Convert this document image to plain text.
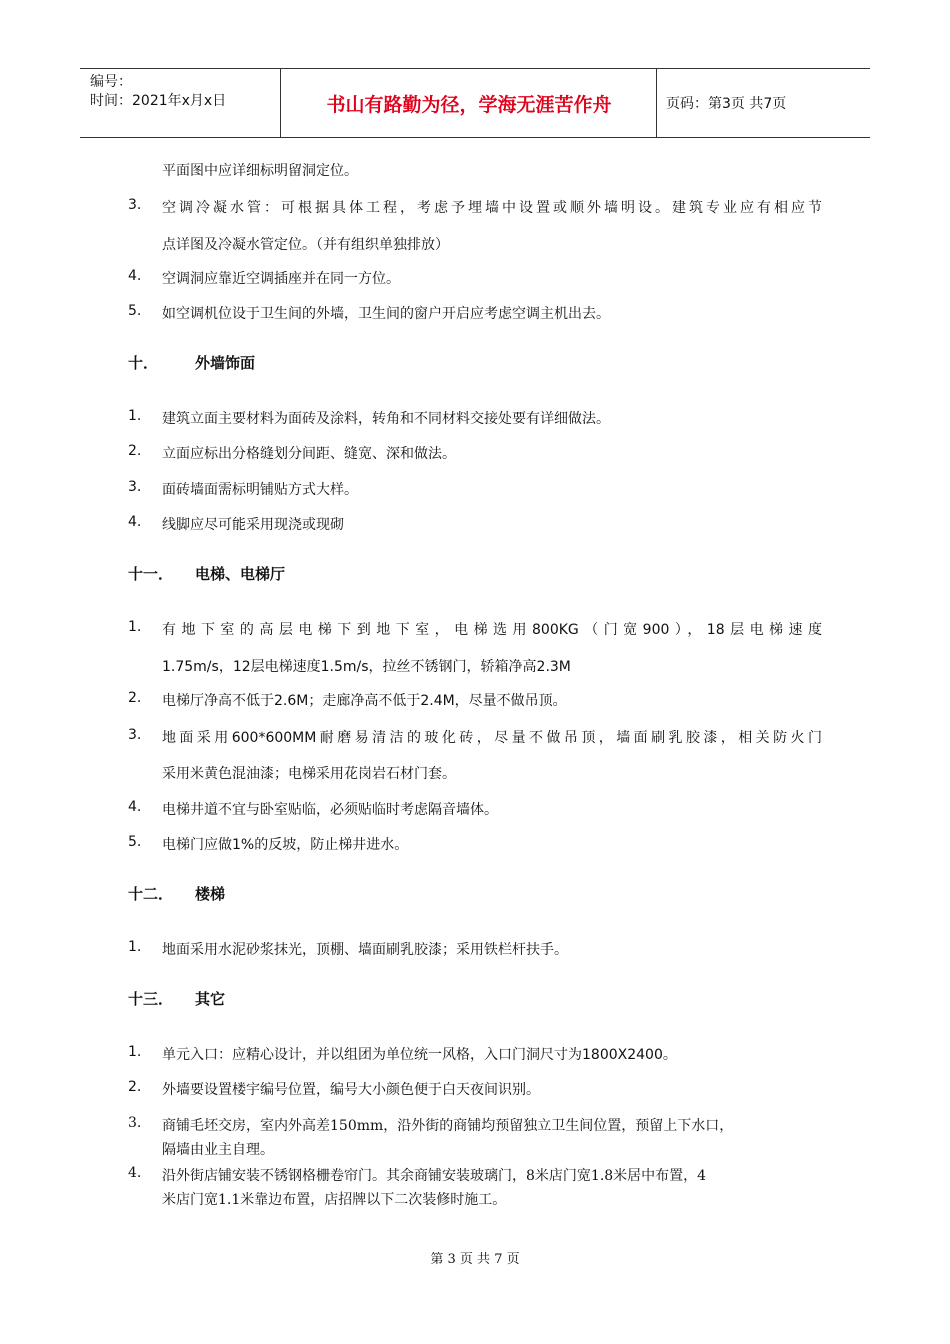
编号：
时间：2021年x月x日	书山有路勤为径，学海无涯苦作舟	页码：第3页 共7页
平面图中应详细标明留洞定位。
3. 空调冷凝水管：可根据具体工程，考虑予埋墙中设置或顺外墙明设。建筑专业应有相应节
点详图及冷凝水管定位。（并有组织单独排放）
4. 空调洞应靠近空调插座并在同一方位。
5. 如空调机位设于卫生间的外墙，卫生间的窗户开启应考虑空调主机出去。
十． 外墙饰面
1. 建筑立面主要材料为面砖及涂料，转角和不同材料交接处要有详细做法。
2. 立面应标出分格缝划分间距、缝宽、深和做法。
3. 面砖墙面需标明铺贴方式大样。
4. 线脚应尽可能采用现浇或现砌
十一． 电梯、电梯厅
1. 有地下室的高层电梯下到地下室，电梯选用800KG（门宽900），18层电梯速度
1.75m/s，12层电梯速度1.5m/s，拉丝不锈钢门，轿箱净高2.3M
2. 电梯厅净高不低于2.6M；走廊净高不低于2.4M，尽量不做吊顶。
3. 地面采用600*600MM耐磨易清洁的玻化砖，尽量不做吊顶，墙面刷乳胶漆，相关防火门
采用米黄色混油漆；电梯采用花岗岩石材门套。
4. 电梯井道不宜与卧室贴临，必须贴临时考虑隔音墙体。
5. 电梯门应做1%的反坡，防止梯井进水。
十二． 楼梯
1. 地面采用水泥砂浆抹光，顶棚、墙面刷乳胶漆；采用铁栏杆扶手。
十三． 其它
1. 单元入口：应精心设计，并以组团为单位统一风格，入口门洞尺寸为1800X2400。
2. 外墙要设置楼宇编号位置，编号大小颜色便于白天夜间识别。
3. 商铺毛坯交房，室内外高差150mm，沿外街的商铺均预留独立卫生间位置，预留上下水口，
隔墙由业主自理。
4. 沿外街店铺安装不锈钢格栅卷帘门。其余商铺安装玻璃门，8米店门宽1.8米居中布置，4
米店门宽1.1米靠边布置，店招牌以下二次装修时施工。
第 3 页 共 7 页
